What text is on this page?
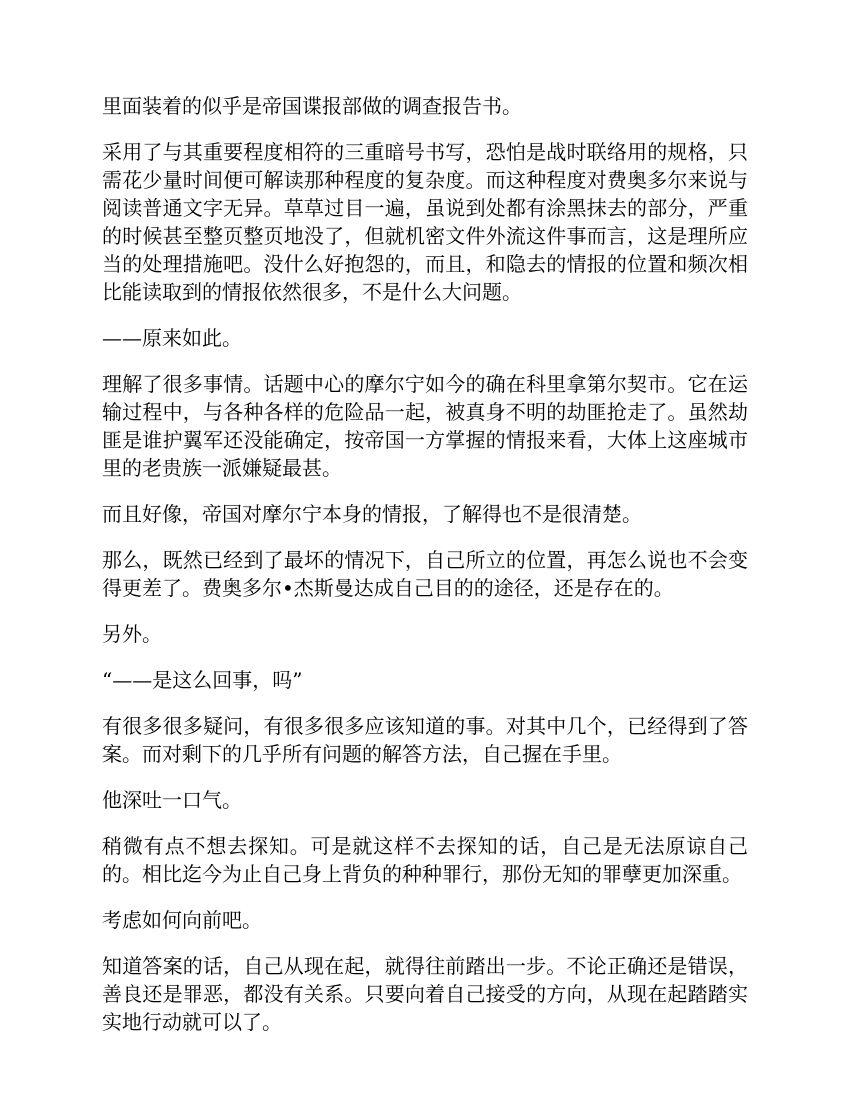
里面装着的似乎是帝国谍报部做的调查报告书。

采用了与其重要程度相符的三重暗号书写，恐怕是战时联络用的规格，只需花少量时间便可解读那种程度的复杂度。而这种程度对费奥多尔来说与阅读普通文字无异。草草过目一遍，虽说到处都有涂黑抹去的部分，严重的时候甚至整页整页地没了，但就机密文件外流这件事而言，这是理所应当的处理措施吧。没什么好抱怨的，而且，和隐去的情报的位置和频次相比能读取到的情报依然很多，不是什么大问题。

——原来如此。

理解了很多事情。话题中心的摩尔宁如今的确在科里拿第尔契市。它在运输过程中，与各种各样的危险品一起，被真身不明的劫匪抢走了。虽然劫匪是谁护翼军还没能确定，按帝国一方掌握的情报来看，大体上这座城市里的老贵族一派嫌疑最甚。

而且好像，帝国对摩尔宁本身的情报，了解得也不是很清楚。

那么，既然已经到了最坏的情况下，自己所立的位置，再怎么说也不会变得更差了。费奥多尔•杰斯曼达成自己目的的途径，还是存在的。

另外。

“——是这么回事，吗”

有很多很多疑问，有很多很多应该知道的事。对其中几个，已经得到了答案。而对剩下的几乎所有问题的解答方法，自己握在手里。

他深吐一口气。

稍微有点不想去探知。可是就这样不去探知的话，自己是无法原谅自己的。相比迄今为止自己身上背负的种种罪行，那份无知的罪孽更加深重。

考虑如何向前吧。

知道答案的话，自己从现在起，就得往前踏出一步。不论正确还是错误，善良还是罪恶，都没有关系。只要向着自己接受的方向，从现在起踏踏实实地行动就可以了。
